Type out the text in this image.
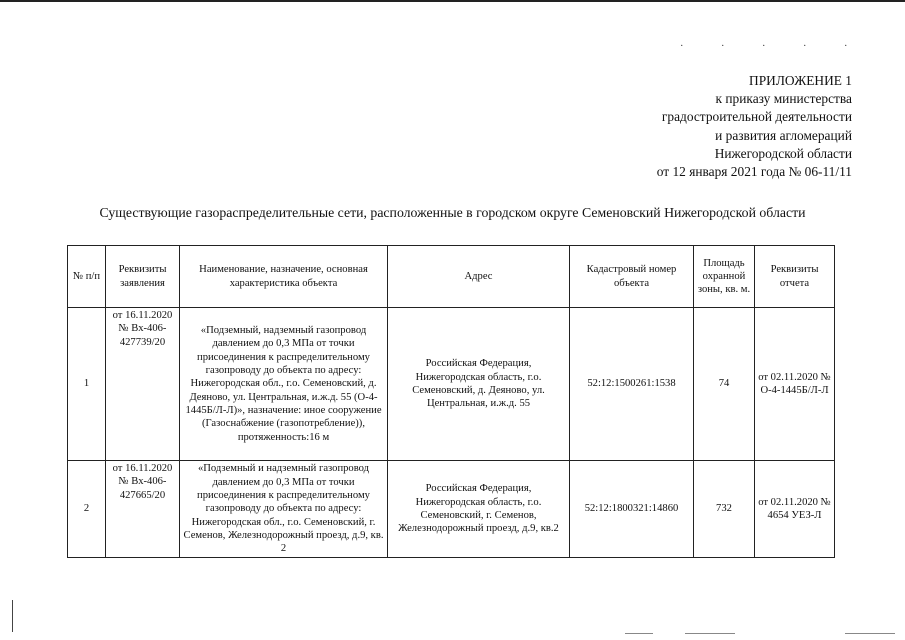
. . . . .
ПРИЛОЖЕНИЕ 1
к приказу министерства
градостроительной деятельности
и развития агломераций
Нижегородской области
от 12 января 2021 года № 06-11/11
Существующие газораспределительные сети, расположенные в городском округе Семеновский Нижегородской области
№ п/п	Реквизиты заявления	Наименование, назначение, основная характеристика объекта	Адрес	Кадастровый номер объекта	Площадь охранной зоны, кв. м.	Реквизиты отчета
1	от 16.11.2020 № Вх-406-427739/20	«Подземный, надземный газопровод давлением до 0,3 МПа от точки присоединения к распределительному газопроводу до объекта по адресу: Нижегородская обл., г.о. Семеновский, д. Деяново, ул. Центральная, и.ж.д. 55 (О-4-1445Б/Л-Л)», назначение: иное сооружение (Газоснабжение (газопотребление)), протяженность:16 м	Российская Федерация, Нижегородская область, г.о. Семеновский, д. Деяново, ул. Центральная, и.ж.д. 55	52:12:1500261:1538	74	от 02.11.2020 № О-4-1445Б/Л-Л
2	от 16.11.2020 № Вх-406-427665/20	«Подземный и надземный газопровод давлением до 0,3 МПа от точки присоединения к распределительному газопроводу до объекта по адресу: Нижегородская обл., г.о. Семеновский, г. Семенов, Железнодорожный проезд, д.9, кв. 2	Российская Федерация, Нижегородская область, г.о. Семеновский, г. Семенов, Железнодорожный проезд, д.9, кв.2	52:12:1800321:14860	732	от 02.11.2020 № 4654 УЕЗ-Л
